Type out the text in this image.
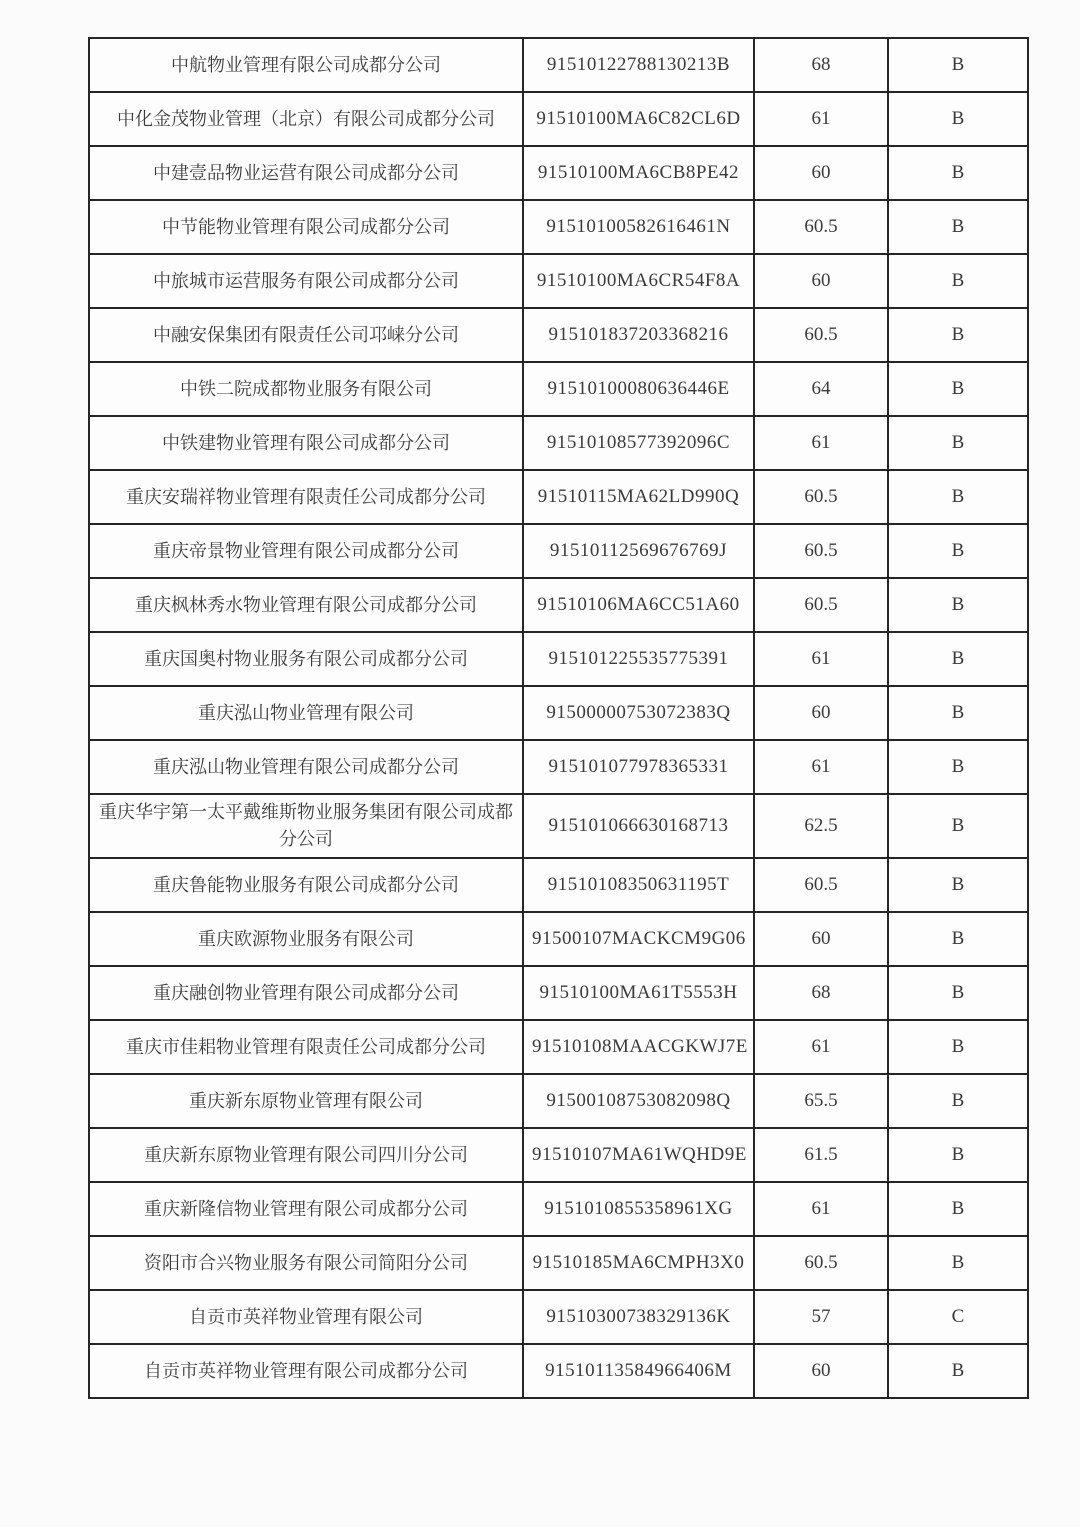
中航物业管理有限公司成都分公司	91510122788130213B	68	B
中化金茂物业管理（北京）有限公司成都分公司	91510100MA6C82CL6D	61	B
中建壹品物业运营有限公司成都分公司	91510100MA6CB8PE42	60	B
中节能物业管理有限公司成都分公司	91510100582616461N	60.5	B
中旅城市运营服务有限公司成都分公司	91510100MA6CR54F8A	60	B
中融安保集团有限责任公司邛崃分公司	915101837203368216	60.5	B
中铁二院成都物业服务有限公司	91510100080636446E	64	B
中铁建物业管理有限公司成都分公司	91510108577392096C	61	B
重庆安瑞祥物业管理有限责任公司成都分公司	91510115MA62LD990Q	60.5	B
重庆帝景物业管理有限公司成都分公司	91510112569676769J	60.5	B
重庆枫林秀水物业管理有限公司成都分公司	91510106MA6CC51A60	60.5	B
重庆国奥村物业服务有限公司成都分公司	915101225535775391	61	B
重庆泓山物业管理有限公司	91500000753072383Q	60	B
重庆泓山物业管理有限公司成都分公司	915101077978365331	61	B
重庆华宇第一太平戴维斯物业服务集团有限公司成都分公司	915101066630168713	62.5	B
重庆鲁能物业服务有限公司成都分公司	91510108350631195T	60.5	B
重庆欧源物业服务有限公司	91500107MACKCM9G06	60	B
重庆融创物业管理有限公司成都分公司	91510100MA61T5553H	68	B
重庆市佳耜物业管理有限责任公司成都分公司	91510108MAACGKWJ7E	61	B
重庆新东原物业管理有限公司	91500108753082098Q	65.5	B
重庆新东原物业管理有限公司四川分公司	91510107MA61WQHD9E	61.5	B
重庆新隆信物业管理有限公司成都分公司	9151010855358961XG	61	B
资阳市合兴物业服务有限公司简阳分公司	91510185MA6CMPH3X0	60.5	B
自贡市英祥物业管理有限公司	91510300738329136K	57	C
自贡市英祥物业管理有限公司成都分公司	91510113584966406M	60	B
